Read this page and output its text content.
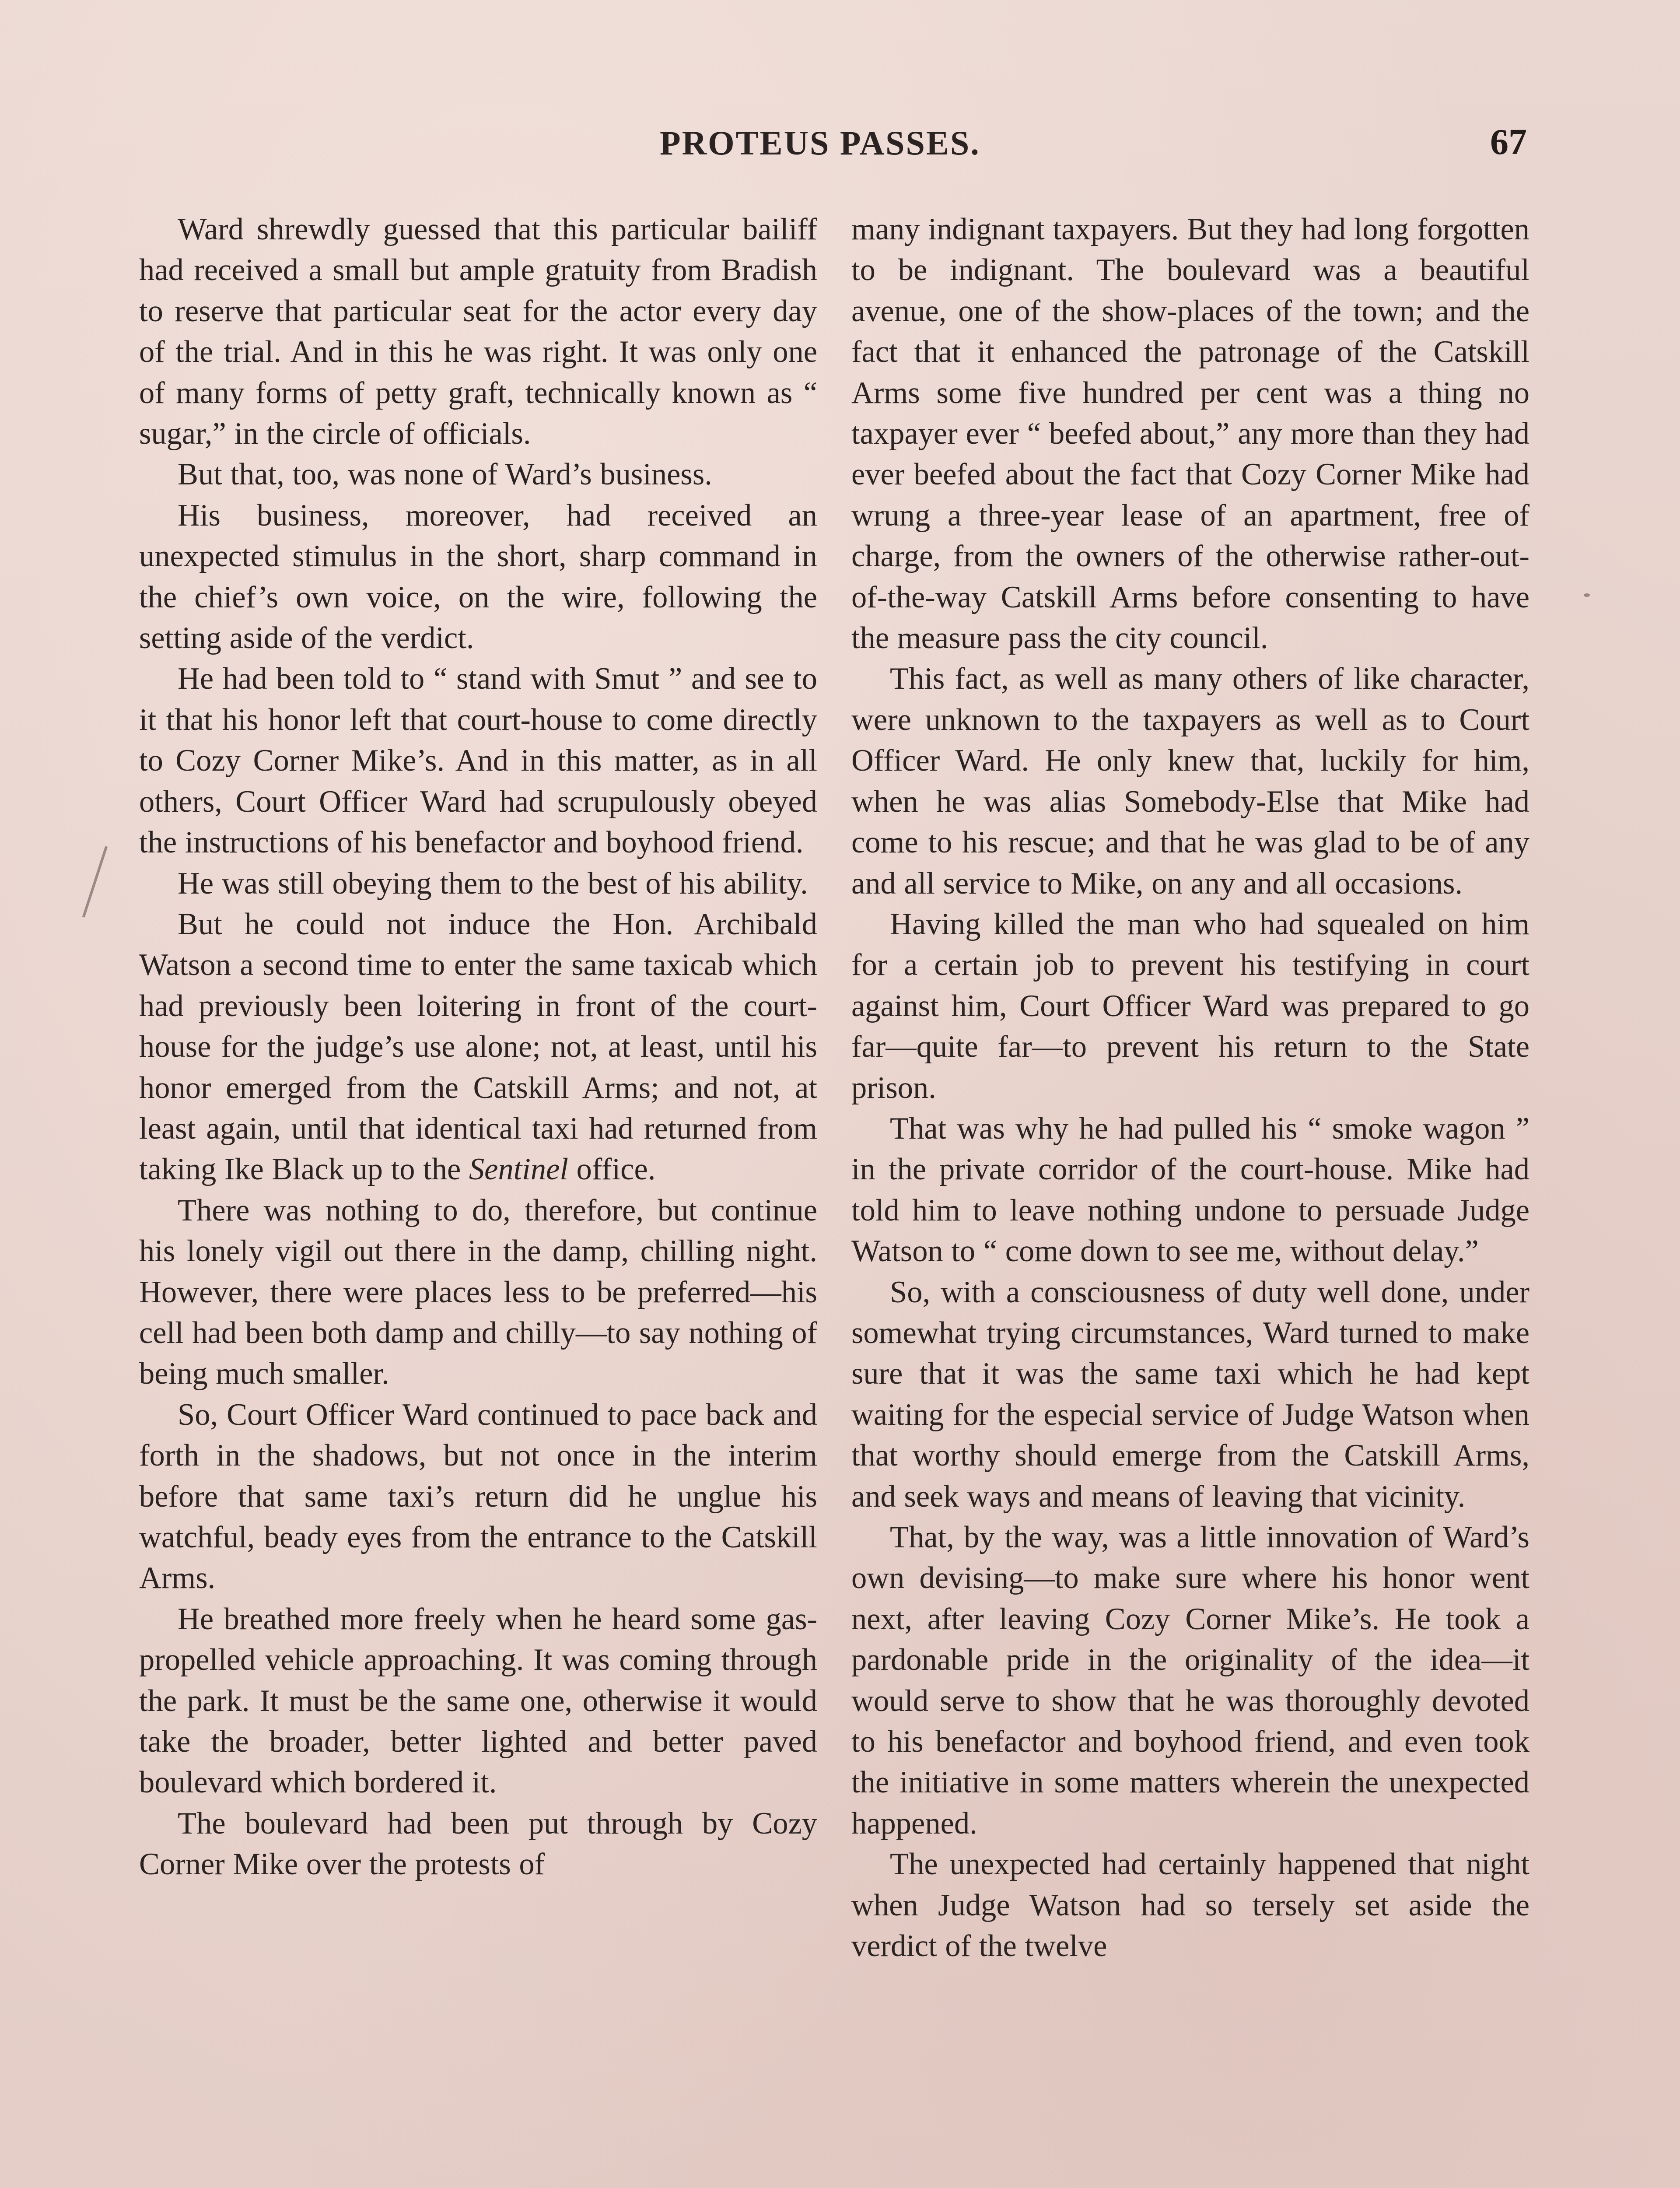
PROTEUS PASSES.	67

Ward shrewdly guessed that this particular bailiff had received a small but ample gratuity from Bradish to reserve that particular seat for the actor every day of the trial. And in this he was right. It was only one of many forms of petty graft, technically known as “ sugar,” in the circle of officials.

But that, too, was none of Ward’s business.

His business, moreover, had received an unexpected stimulus in the short, sharp command in the chief’s own voice, on the wire, following the setting aside of the verdict.

He had been told to “ stand with Smut ” and see to it that his honor left that court-house to come directly to Cozy Corner Mike’s. And in this matter, as in all others, Court Officer Ward had scrupulously obeyed the instructions of his benefactor and boyhood friend.

He was still obeying them to the best of his ability.

But he could not induce the Hon. Archibald Watson a second time to enter the same taxicab which had previously been loitering in front of the court-house for the judge’s use alone; not, at least, until his honor emerged from the Catskill Arms; and not, at least again, until that identical taxi had returned from taking Ike Black up to the Sentinel office.

There was nothing to do, therefore, but continue his lonely vigil out there in the damp, chilling night. However, there were places less to be preferred—his cell had been both damp and chilly—to say nothing of being much smaller.

So, Court Officer Ward continued to pace back and forth in the shadows, but not once in the interim before that same taxi’s return did he unglue his watchful, beady eyes from the entrance to the Catskill Arms.

He breathed more freely when he heard some gas-propelled vehicle approaching. It was coming through the park. It must be the same one, otherwise it would take the broader, better lighted and better paved boulevard which bordered it.

The boulevard had been put through by Cozy Corner Mike over the protests of

many indignant taxpayers. But they had long forgotten to be indignant. The boulevard was a beautiful avenue, one of the show-places of the town; and the fact that it enhanced the patronage of the Catskill Arms some five hundred per cent was a thing no taxpayer ever “ beefed about,” any more than they had ever beefed about the fact that Cozy Corner Mike had wrung a three-year lease of an apartment, free of charge, from the owners of the otherwise rather-out-of-the-way Catskill Arms before consenting to have the measure pass the city council.

This fact, as well as many others of like character, were unknown to the taxpayers as well as to Court Officer Ward. He only knew that, luckily for him, when he was alias Somebody-Else that Mike had come to his rescue; and that he was glad to be of any and all service to Mike, on any and all occasions.

Having killed the man who had squealed on him for a certain job to prevent his testifying in court against him, Court Officer Ward was prepared to go far—quite far—to prevent his return to the State prison.

That was why he had pulled his “ smoke wagon ” in the private corridor of the court-house. Mike had told him to leave nothing undone to persuade Judge Watson to “ come down to see me, without delay.”

So, with a consciousness of duty well done, under somewhat trying circumstances, Ward turned to make sure that it was the same taxi which he had kept waiting for the especial service of Judge Watson when that worthy should emerge from the Catskill Arms, and seek ways and means of leaving that vicinity.

That, by the way, was a little innovation of Ward’s own devising—to make sure where his honor went next, after leaving Cozy Corner Mike’s. He took a pardonable pride in the originality of the idea—it would serve to show that he was thoroughly devoted to his benefactor and boyhood friend, and even took the initiative in some matters wherein the unexpected happened.

The unexpected had certainly happened that night when Judge Watson had so tersely set aside the verdict of the twelve
